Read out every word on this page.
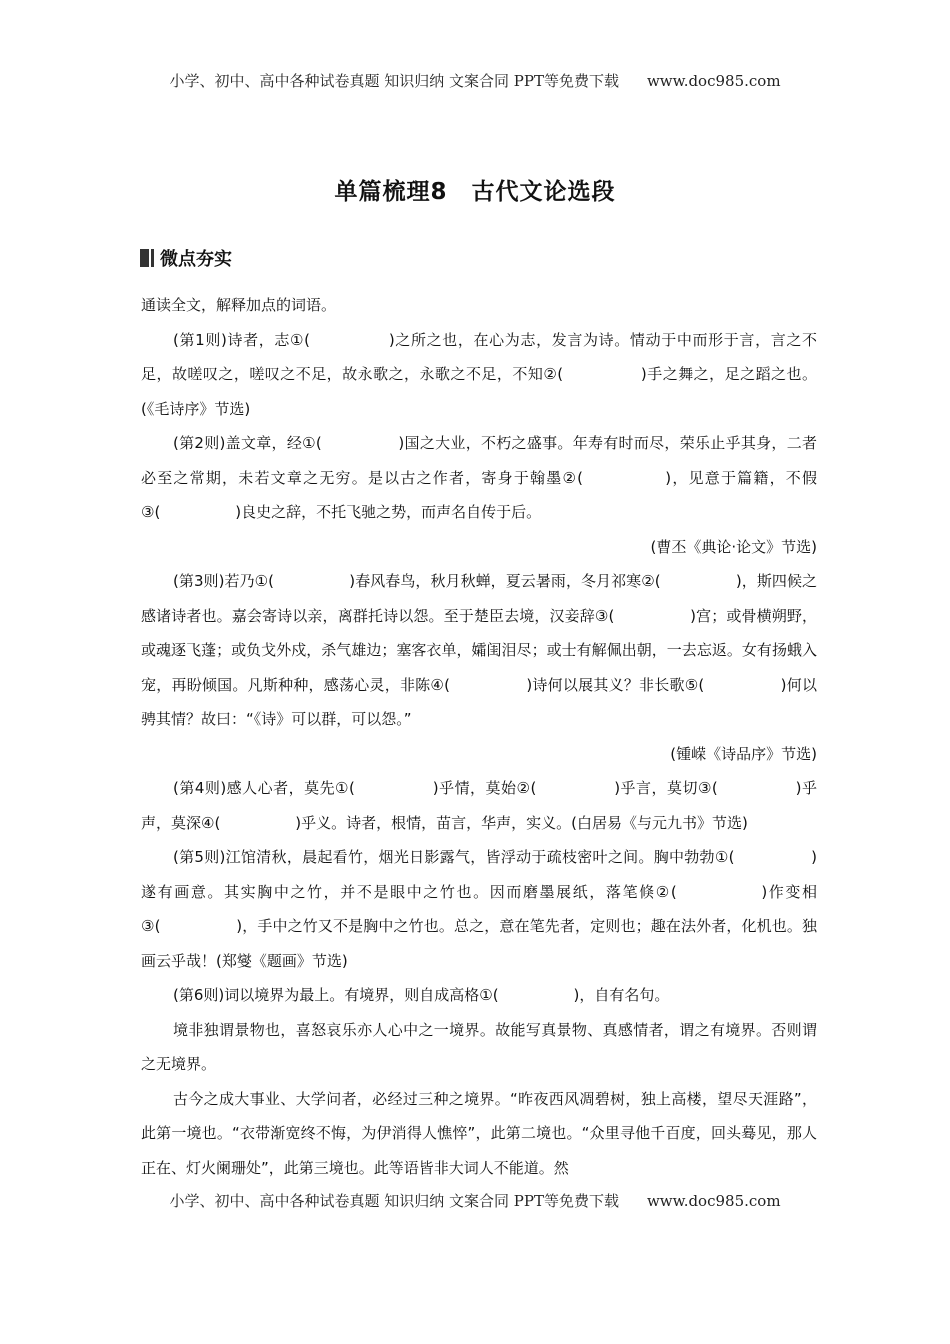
小学、初中、高中各种试卷真题 知识归纳 文案合同 PPT等免费下载 www.doc985.com
单篇梳理8　古代文论选段
微点夯实

通读全文，解释加点的词语。

(第1则)诗者，志①(　　　　　)之所之也，在心为志，发言为诗。情动于中而形于言，言之不足，故嗟叹之，嗟叹之不足，故永歌之，永歌之不足，不知②(　　　　　)手之舞之，足之蹈之也。(《毛诗序》节选)

(第2则)盖文章，经①(　　　　　)国之大业，不朽之盛事。年寿有时而尽，荣乐止乎其身，二者必至之常期，未若文章之无穷。是以古之作者，寄身于翰墨②(　　　　　)，见意于篇籍，不假③(　　　　　)良史之辞，不托飞驰之势，而声名自传于后。

(曹丕《典论·论文》节选)

(第3则)若乃①(　　　　　)春风春鸟，秋月秋蝉，夏云暑雨，冬月祁寒②(　　　　　)，斯四候之感诸诗者也。嘉会寄诗以亲，离群托诗以怨。至于楚臣去境，汉妾辞③(　　　　　)宫；或骨横朔野，或魂逐飞蓬；或负戈外戍，杀气雄边；塞客衣单，孀闺泪尽；或士有解佩出朝，一去忘返。女有扬蛾入宠，再盼倾国。凡斯种种，感荡心灵，非陈④(　　　　　)诗何以展其义？非长歌⑤(　　　　　)何以骋其情？故曰：“《诗》可以群，可以怨。”

(锺嵘《诗品序》节选)

(第4则)感人心者，莫先①(　　　　　)乎情，莫始②(　　　　　)乎言，莫切③(　　　　　)乎声，莫深④(　　　　　)乎义。诗者，根情，苗言，华声，实义。(白居易《与元九书》节选)

(第5则)江馆清秋，晨起看竹，烟光日影露气，皆浮动于疏枝密叶之间。胸中勃勃①(　　　　　)遂有画意。其实胸中之竹，并不是眼中之竹也。因而磨墨展纸，落笔倏②(　　　　　)作变相③(　　　　　)，手中之竹又不是胸中之竹也。总之，意在笔先者，定则也；趣在法外者，化机也。独画云乎哉！(郑燮《题画》节选)

(第6则)词以境界为最上。有境界，则自成高格①(　　　　　)，自有名句。

境非独谓景物也，喜怒哀乐亦人心中之一境界。故能写真景物、真感情者，谓之有境界。否则谓之无境界。

古今之成大事业、大学问者，必经过三种之境界。“昨夜西风凋碧树，独上高楼，望尽天涯路”，此第一境也。“衣带渐宽终不悔，为伊消得人憔悴”，此第二境也。“众里寻他千百度，回头蓦见，那人正在、灯火阑珊处”，此第三境也。此等语皆非大词人不能道。然

小学、初中、高中各种试卷真题 知识归纳 文案合同 PPT等免费下载 www.doc985.com
